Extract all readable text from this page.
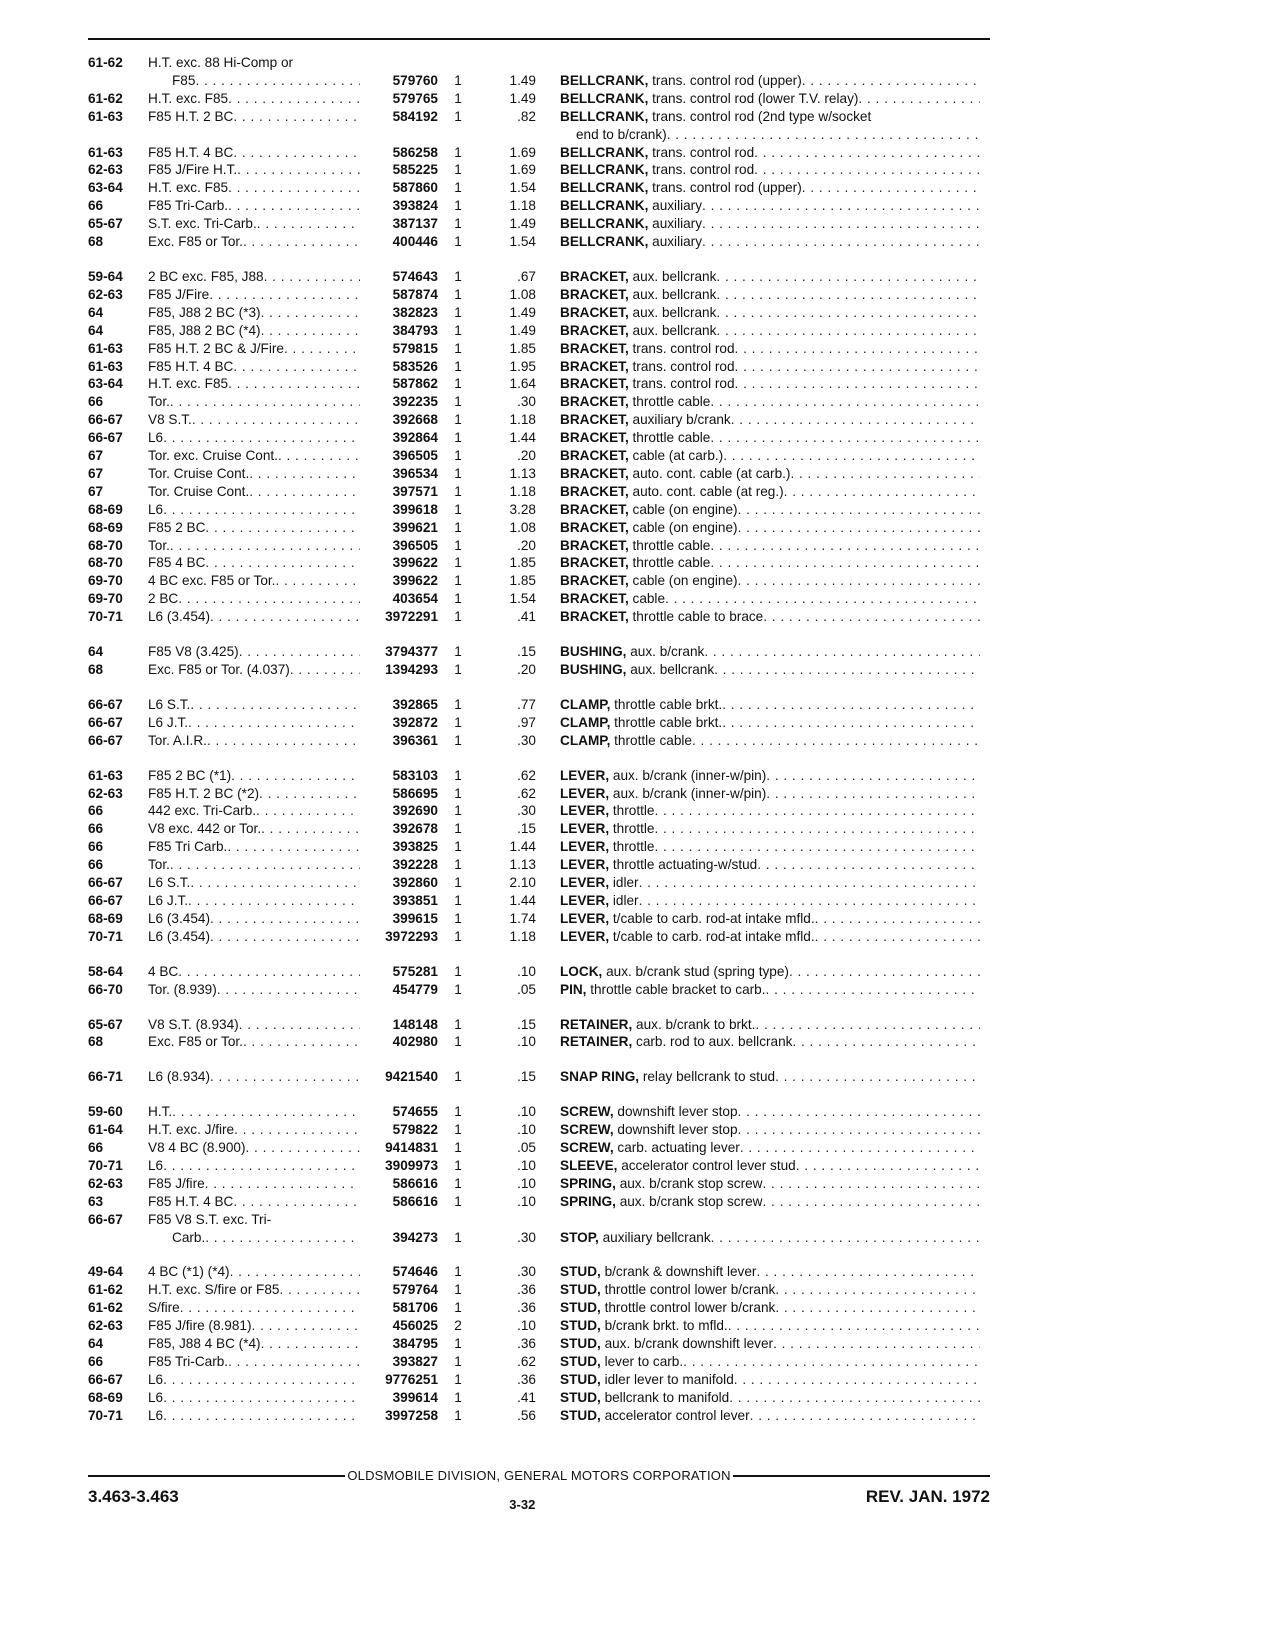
61-62	H.T. exc. 88 Hi-Comp or
F85 . . .	579760	1	1.49 BELLCRANK, trans. control rod (upper)
. . .
61-62	H.T. exc. F85 . . .	579765	1	1.49 BELLCRANK, trans. control rod (lower T.V. relay)
. . .
61-63	F85 H.T. 2 BC . . .	584192	1	.82 BELLCRANK, trans. control rod (2nd type w/socket
end to b/crank)
. . .
61-63	F85 H.T. 4 BC . . .	586258	1	1.69 BELLCRANK, trans. control rod
. . .
62-63	F85 J/Fire H.T. . . .	585225	1	1.69 BELLCRANK, trans. control rod
. . .
63-64	H.T. exc. F85 . . .	587860	1	1.54 BELLCRANK, trans. control rod (upper)
. . .
66	F85 Tri-Carb. . . .	393824	1	1.18 BELLCRANK, auxiliary
. . .
65-67	S.T. exc. Tri-Carb. . . .	387137	1	1.49 BELLCRANK, auxiliary
. . .
68	Exc. F85 or Tor. . . .	400446	1	1.54 BELLCRANK, auxiliary
. . .
59-64	2 BC exc. F85, J88 . . .	574643	1	.67 BRACKET, aux. bellcrank
. . .
62-63	F85 J/Fire . . .	587874	1	1.08 BRACKET, aux. bellcrank
. . .
64	F85, J88 2 BC (*3) . . .	382823	1	1.49 BRACKET, aux. bellcrank
. . .
64	F85, J88 2 BC (*4) . . .	384793	1	1.49 BRACKET, aux. bellcrank
. . .
61-63	F85 H.T. 2 BC & J/Fire . . .	579815	1	1.85 BRACKET, trans. control rod
. . .
61-63	F85 H.T. 4 BC . . .	583526	1	1.95 BRACKET, trans. control rod
. . .
63-64	H.T. exc. F85 . . .	587862	1	1.64 BRACKET, trans. control rod
. . .
66	Tor. . . .	392235	1	.30 BRACKET, throttle cable
. . .
66-67	V8 S.T. . . .	392668	1	1.18 BRACKET, auxiliary b/crank
. . .
66-67	L6 . . .	392864	1	1.44 BRACKET, throttle cable
. . .
67	Tor. exc. Cruise Cont. . . .	396505	1	.20 BRACKET, cable (at carb.)
. . .
67	Tor. Cruise Cont. . . .	396534	1	1.13 BRACKET, auto. cont. cable (at carb.)
. . .
67	Tor. Cruise Cont. . . .	397571	1	1.18 BRACKET, auto. cont. cable (at reg.)
. . .
68-69	L6 . . .	399618	1	3.28 BRACKET, cable (on engine)
. . .
68-69	F85 2 BC . . .	399621	1	1.08 BRACKET, cable (on engine)
. . .
68-70	Tor. . . .	396505	1	.20 BRACKET, throttle cable
. . .
68-70	F85 4 BC . . .	399622	1	1.85 BRACKET, throttle cable
. . .
69-70	4 BC exc. F85 or Tor. . . .	399622	1	1.85 BRACKET, cable (on engine)
. . .
69-70	2 BC . . .	403654	1	1.54 BRACKET, cable
. . .
70-71	L6 (3.454) . . .	3972291	1	.41 BRACKET, throttle cable to brace
. . .
64	F85 V8 (3.425) . . .	3794377	1	.15 BUSHING, aux. b/crank
. . .
68	Exc. F85 or Tor. (4.037) . . .	1394293	1	.20 BUSHING, aux. bellcrank
. . .
66-67	L6 S.T. . . .	392865	1	.77 CLAMP, throttle cable brkt.
. . .
66-67	L6 J.T. . . .	392872	1	.97 CLAMP, throttle cable brkt.
. . .
66-67	Tor. A.I.R. . . .	396361	1	.30 CLAMP, throttle cable
. . .
61-63	F85 2 BC (*1) . . .	583103	1	.62 LEVER, aux. b/crank (inner-w/pin)
. . .
62-63	F85 H.T. 2 BC (*2) . . .	586695	1	.62 LEVER, aux. b/crank (inner-w/pin)
. . .
66	442 exc. Tri-Carb. . . .	392690	1	.30 LEVER, throttle
. . .
66	V8 exc. 442 or Tor. . . .	392678	1	.15 LEVER, throttle
. . .
66	F85 Tri Carb. . . .	393825	1	1.44 LEVER, throttle
. . .
66	Tor. . . .	392228	1	1.13 LEVER, throttle actuating-w/stud
. . .
66-67	L6 S.T. . . .	392860	1	2.10 LEVER, idler
. . .
66-67	L6 J.T. . . .	393851	1	1.44 LEVER, idler
. . .
68-69	L6 (3.454) . . .	399615	1	1.74 LEVER, t/cable to carb. rod-at intake mfld.
. . .
70-71	L6 (3.454) . . .	3972293	1	1.18 LEVER, t/cable to carb. rod-at intake mfld.
. . .
58-64	4 BC . . .	575281	1	.10 LOCK, aux. b/crank stud (spring type)
. . .
66-70	Tor. (8.939) . . .	454779	1	.05 PIN, throttle cable bracket to carb.
. . .
65-67	V8 S.T. (8.934) . . .	148148	1	.15 RETAINER, aux. b/crank to brkt.
. . .
68	Exc. F85 or Tor. . . .	402980	1	.10 RETAINER, carb. rod to aux. bellcrank
. . .
66-71	L6 (8.934) . . .	9421540	1	.15 SNAP RING, relay bellcrank to stud
. . .
59-60	H.T. . . .	574655	1	.10 SCREW, downshift lever stop
. . .
61-64	H.T. exc. J/fire . . .	579822	1	.10 SCREW, downshift lever stop
. . .
66	V8 4 BC (8.900) . . .	9414831	1	.05 SCREW, carb. actuating lever
. . .
70-71	L6 . . .	3909973	1	.10 SLEEVE, accelerator control lever stud
. . .
62-63	F85 J/fire . . .	586616	1	.10 SPRING, aux. b/crank stop screw
. . .
63	F85 H.T. 4 BC . . .	586616	1	.10 SPRING, aux. b/crank stop screw
. . .
66-67	F85 V8 S.T. exc. Tri-
Carb. . . .	394273	1	.30 STOP, auxiliary bellcrank
. . .
49-64	4 BC (*1) (*4) . . .	574646	1	.30 STUD, b/crank & downshift lever
. . .
61-62	H.T. exc. S/fire or F85 . . .	579764	1	.36 STUD, throttle control lower b/crank
. . .
61-62	S/fire . . .	581706	1	.36 STUD, throttle control lower b/crank
. . .
62-63	F85 J/fire (8.981) . . .	456025	2	.10 STUD, b/crank brkt. to mfld.
. . .
64	F85, J88 4 BC (*4) . . .	384795	1	.36 STUD, aux. b/crank downshift lever
. . .
66	F85 Tri-Carb. . . .	393827	1	.62 STUD, lever to carb.
. . .
66-67	L6 . . .	9776251	1	.36 STUD, idler lever to manifold
. . .
68-69	L6 . . .	399614	1	.41 STUD, bellcrank to manifold
. . .
70-71	L6 . . .	3997258	1	.56 STUD, accelerator control lever
. . .
OLDSMOBILE DIVISION, GENERAL MOTORS CORPORATION
3.463-3.463	3-32	REV. JAN. 1972
